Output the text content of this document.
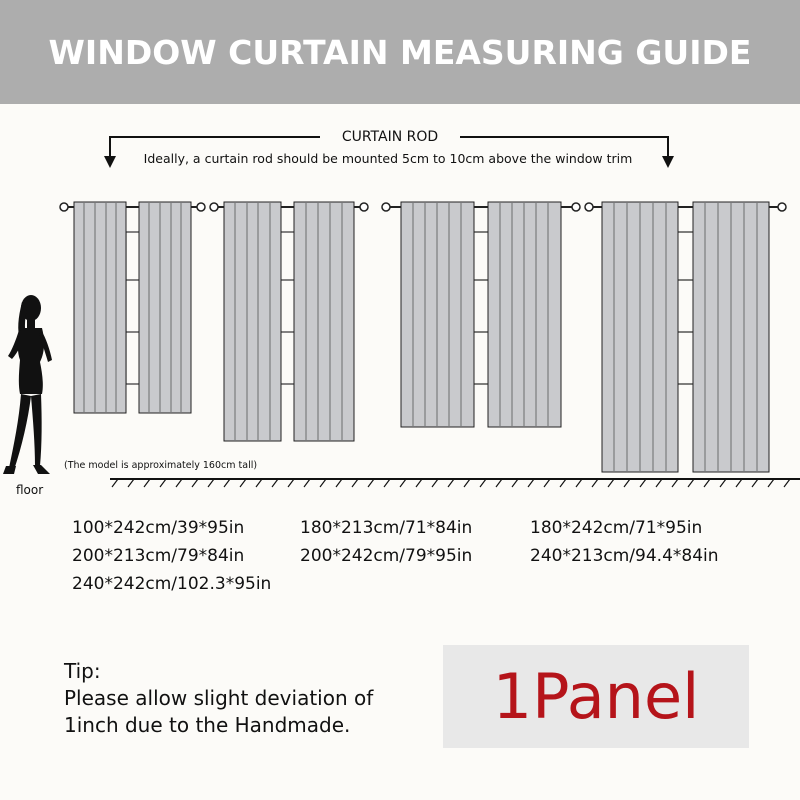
WINDOW CURTAIN MEASURING GUIDE
CURTAIN ROD
Ideally, a curtain rod should be mounted 5cm to 10cm above the window trim
(The model is approximately 160cm tall)
floor
100*242cm/39*95in	180*213cm/71*84in	180*242cm/71*95in
200*213cm/79*84in	200*242cm/79*95in	240*213cm/94.4*84in
240*242cm/102.3*95in
Tip:
Please allow slight deviation of
1inch due to the Handmade.	1Panel
